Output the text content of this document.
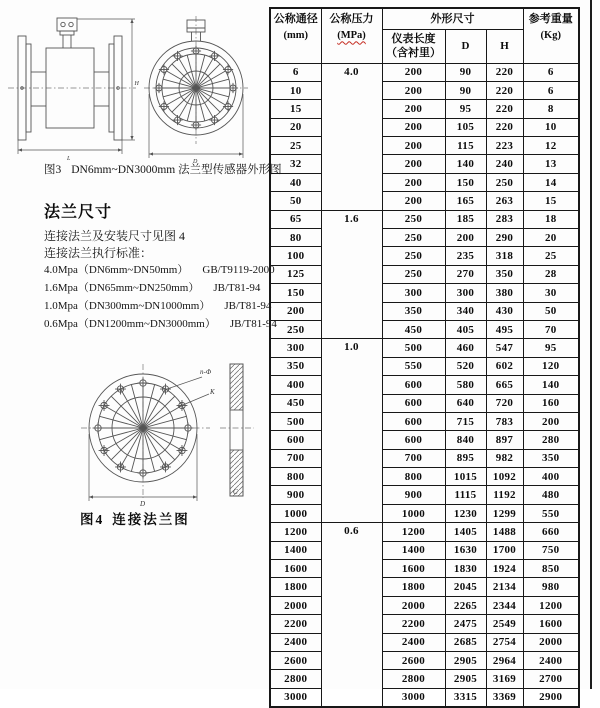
H
L	D
图3 DN6mm~DN3000mm 法兰型传感器外形图
法兰尺寸
连接法兰及安装尺寸见图 4
连接法兰执行标准：
4.0Mpa（DN6mm~DN50mm） GB/T9119-2000
1.6Mpa（DN65mm~DN250mm） JB/T81-94
1.0Mpa（DN300mm~DN1000mm） JB/T81-94
0.6Mpa（DN1200mm~DN3000mm） JB/T81-94
n-Φ
K
D
C
图4 连接法兰图
公称通径
(mm)	公称压力
(MPa)	外形尺寸			参考重量
(Kg)

		仪表长度
（含衬里）	D	H	
6	4.0	200	90	220	6
10		200	90	220	6
15		200	95	220	8
20		200	105	220	10
25		200	115	223	12
32		200	140	240	13
40		200	150	250	14
50		200	165	263	15
65	1.6	250	185	283	18
80		250	200	290	20
100		250	235	318	25
125		250	270	350	28
150		300	300	380	30
200		350	340	430	50
250		450	405	495	70
300	1.0	500	460	547	95
350		550	520	602	120
400		600	580	665	140
450		600	640	720	160
500		600	715	783	200
600		600	840	897	280
700		700	895	982	350
800		800	1015	1092	400
900		900	1115	1192	480
1000		1000	1230	1299	550
1200	0.6	1200	1405	1488	660
1400		1400	1630	1700	750
1600		1600	1830	1924	850
1800		1800	2045	2134	980
2000		2000	2265	2344	1200
2200		2200	2475	2549	1600
2400		2400	2685	2754	2000
2600		2600	2905	2964	2400
2800		2800	2905	3169	2700
3000		3000	3315	3369	2900
